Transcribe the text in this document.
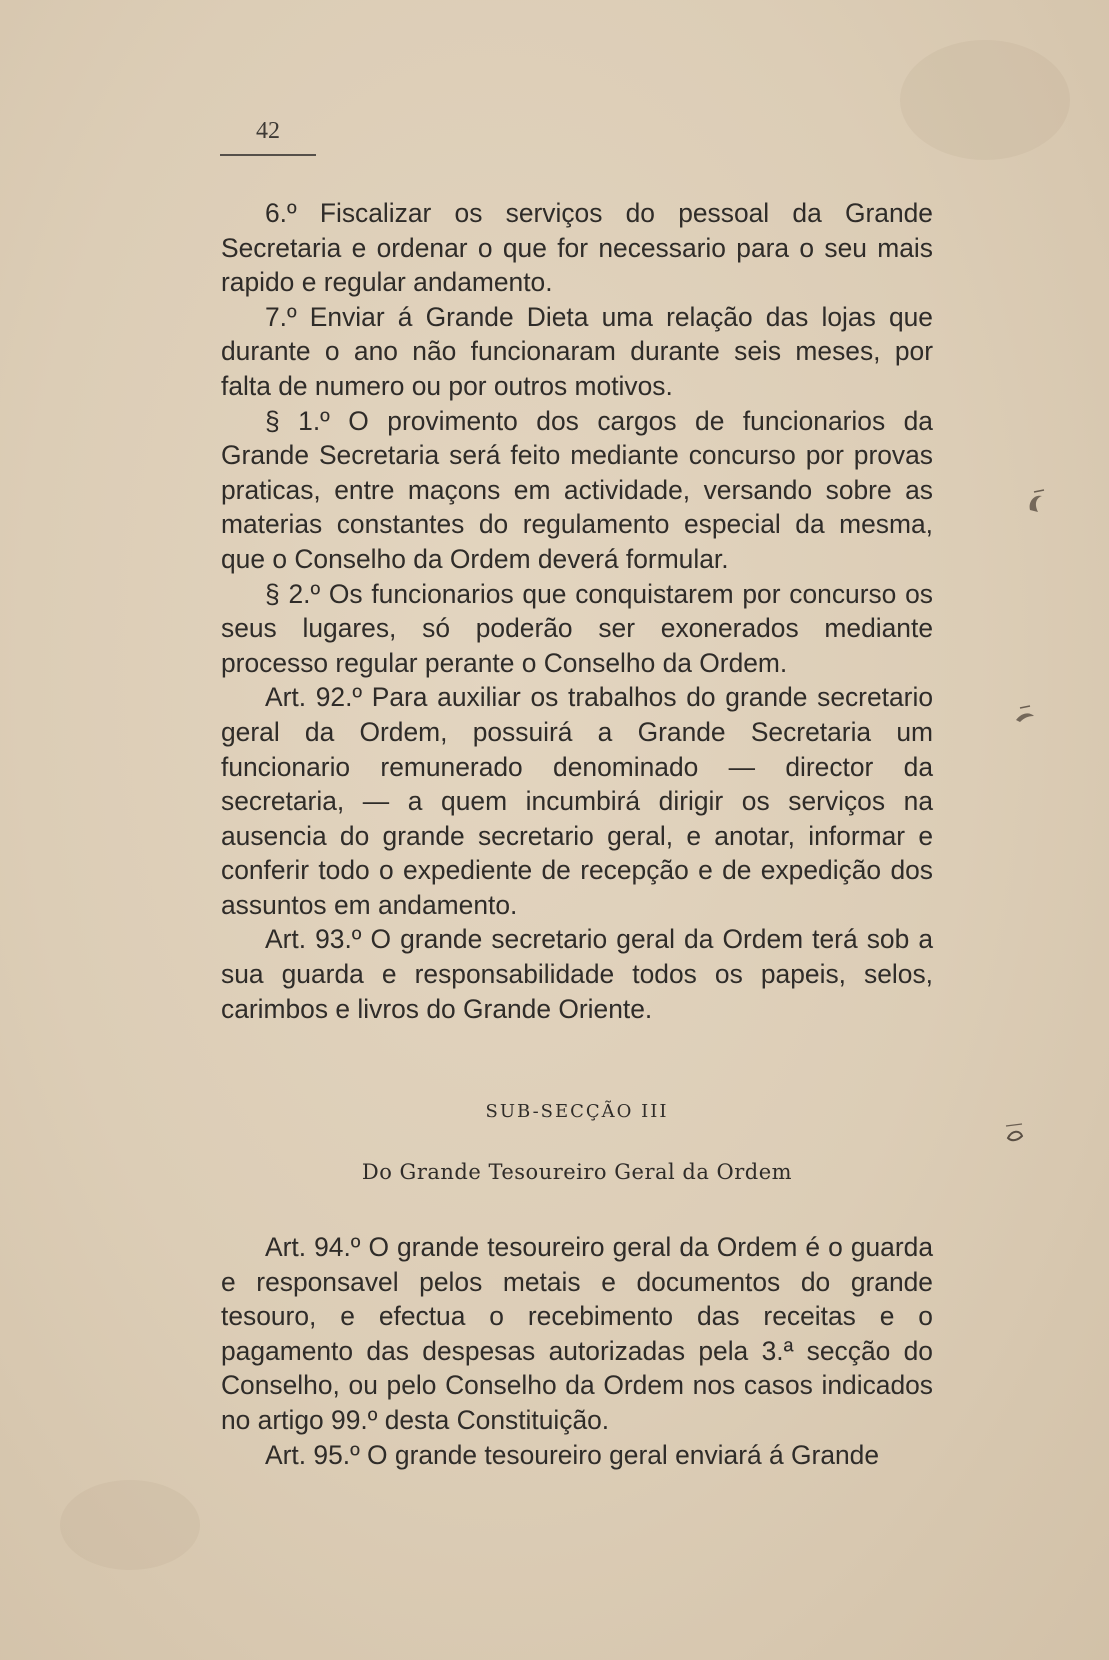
42

6.º Fiscalizar os serviços do pessoal da Grande Secretaria e ordenar o que for necessario para o seu mais rapido e regular andamento.

7.º Enviar á Grande Dieta uma relação das lojas que durante o ano não funcionaram durante seis meses, por falta de numero ou por outros motivos.

§ 1.º O provimento dos cargos de funcionarios da Grande Secretaria será feito mediante concurso por provas praticas, entre maçons em actividade, versando sobre as materias constantes do regulamento especial da mesma, que o Conselho da Ordem deverá formular.

§ 2.º Os funcionarios que conquistarem por concurso os seus lugares, só poderão ser exonerados mediante processo regular perante o Conselho da Ordem.

Art. 92.º Para auxiliar os trabalhos do grande secretario geral da Ordem, possuirá a Grande Secretaria um funcionario remunerado denominado — director da secretaria, — a quem incumbirá dirigir os serviços na ausencia do grande secretario geral, e anotar, informar e conferir todo o expediente de recepção e de expedição dos assuntos em andamento.

Art. 93.º O grande secretario geral da Ordem terá sob a sua guarda e responsabilidade todos os papeis, selos, carimbos e livros do Grande Oriente.

SUB-SECÇÃO III

Do Grande Tesoureiro Geral da Ordem

Art. 94.º O grande tesoureiro geral da Ordem é o guarda e responsavel pelos metais e documentos do grande tesouro, e efectua o recebimento das receitas e o pagamento das despesas autorizadas pela 3.ª secção do Conselho, ou pelo Conselho da Ordem nos casos indicados no artigo 99.º desta Constituição.

Art. 95.º O grande tesoureiro geral enviará á Grande
